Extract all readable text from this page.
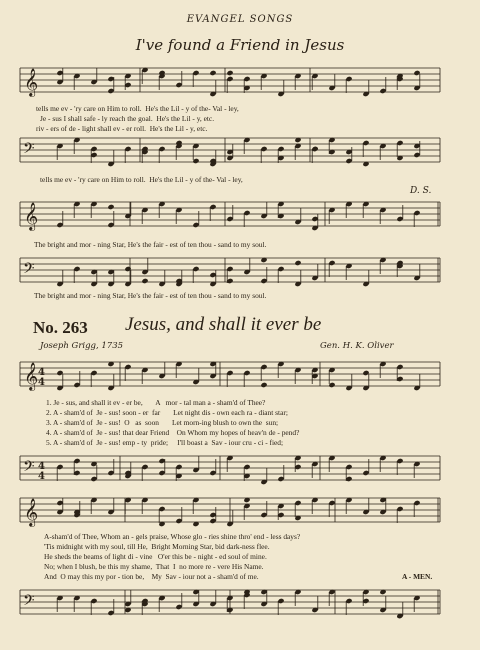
EVANGEL SONGS
I've found a Friend in Jesus
𝄞
tells me ev - 'ry care on Him to roll.  He's the Lil - y of the- Val - ley,
Je - sus I shall safe - ly reach the goal.  He's the Lil - y, etc.
riv - ers of de - light shall ev - er roll.  He's the Lil - y, etc.
𝄢
tells me ev - 'ry care on Him to roll.  He's the Lil - y of the- Val - ley,
D. S.
𝄞
The bright and mor - ning Star, He's the fair - est of ten thou - sand to my soul.
𝄢
The bright and mor - ning Star, He's the fair - est of ten thou - sand to my soul.
No. 263 Jesus, and shall it ever be
Joseph Grigg, 1735	Gen. H. K. Oliver
𝄞 4
4
1. Je - sus, and shall it ev - er be,       A   mor - tal man a - sham'd of Thee?
2. A - sham'd of  Je - sus! soon - er  far       Let night dis - own each ra - diant star;
3. A - sham'd of  Je - sus!  O   as  soon       Let morn-ing blush to own the  sun;
4. A - sham'd of  Je - sus! that dear Friend    On Whom my hopes of heav'n de - pend?
5. A - sham'd of  Je - sus! emp - ty  pride;     I'll boast a  Sav - iour cru - ci - fied;
𝄢 4
4
𝄞
A-sham'd of Thee, Whom an - gels praise, Whose glo - ries shine thro' end - less days?
'Tis midnight with my soul, till He,  Bright Morning Star, bid dark-ness flee.
He sheds the beams of light di - vine   O'er this be - night - ed soul of mine.
No; when I blush, be this my shame,  That  I  no more re - vere His Name.
And  O may this my por - tion be,    My  Sav - iour not a - sham'd of me.	A - MEN.
𝄢
